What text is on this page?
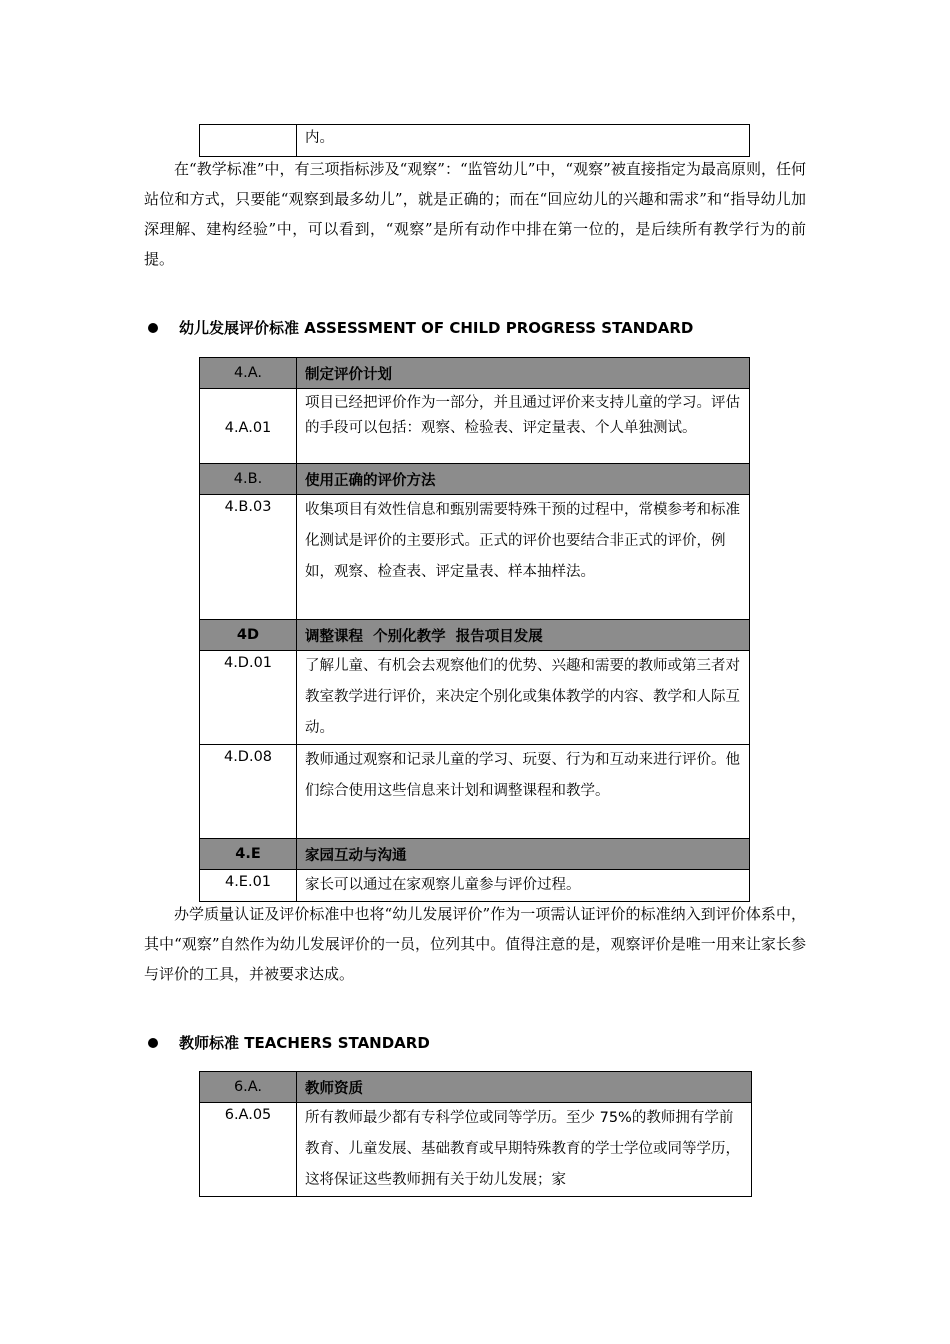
	内。
在“教学标准”中，有三项指标涉及“观察”：“监管幼儿”中，“观察”被直接指定为最高原则，任何站位和方式，只要能“观察到最多幼儿”，就是正确的；而在“回应幼儿的兴趣和需求”和“指导幼儿加深理解、建构经验”中，可以看到，“观察”是所有动作中排在第一位的，是后续所有教学行为的前提。
幼儿发展评价标准 ASSESSMENT OF CHILD PROGRESS STANDARD
4.A.	制定评价计划
4.A.01	项目已经把评价作为一部分，并且通过评价来支持儿童的学习。评估的手段可以包括：观察、检验表、评定量表、个人单独测试。
4.B.	使用正确的评价方法
4.B.03	收集项目有效性信息和甄别需要特殊干预的过程中，常模参考和标准化测试是评价的主要形式。正式的评价也要结合非正式的评价，例如，观察、检查表、评定量表、样本抽样法。
4D	调整课程  个别化教学  报告项目发展
4.D.01	了解儿童、有机会去观察他们的优势、兴趣和需要的教师或第三者对教室教学进行评价，来决定个别化或集体教学的内容、教学和人际互动。
4.D.08	教师通过观察和记录儿童的学习、玩耍、行为和互动来进行评价。他们综合使用这些信息来计划和调整课程和教学。
4.E	家园互动与沟通
4.E.01	家长可以通过在家观察儿童参与评价过程。
办学质量认证及评价标准中也将“幼儿发展评价”作为一项需认证评价的标准纳入到评价体系中，其中“观察”自然作为幼儿发展评价的一员，位列其中。值得注意的是，观察评价是唯一用来让家长参与评价的工具，并被要求达成。
教师标准 TEACHERS STANDARD
6.A.	教师资质
6.A.05	所有教师最少都有专科学位或同等学历。至少 75%的教师拥有学前教育、儿童发展、基础教育或早期特殊教育的学士学位或同等学历，这将保证这些教师拥有关于幼儿发展；家
